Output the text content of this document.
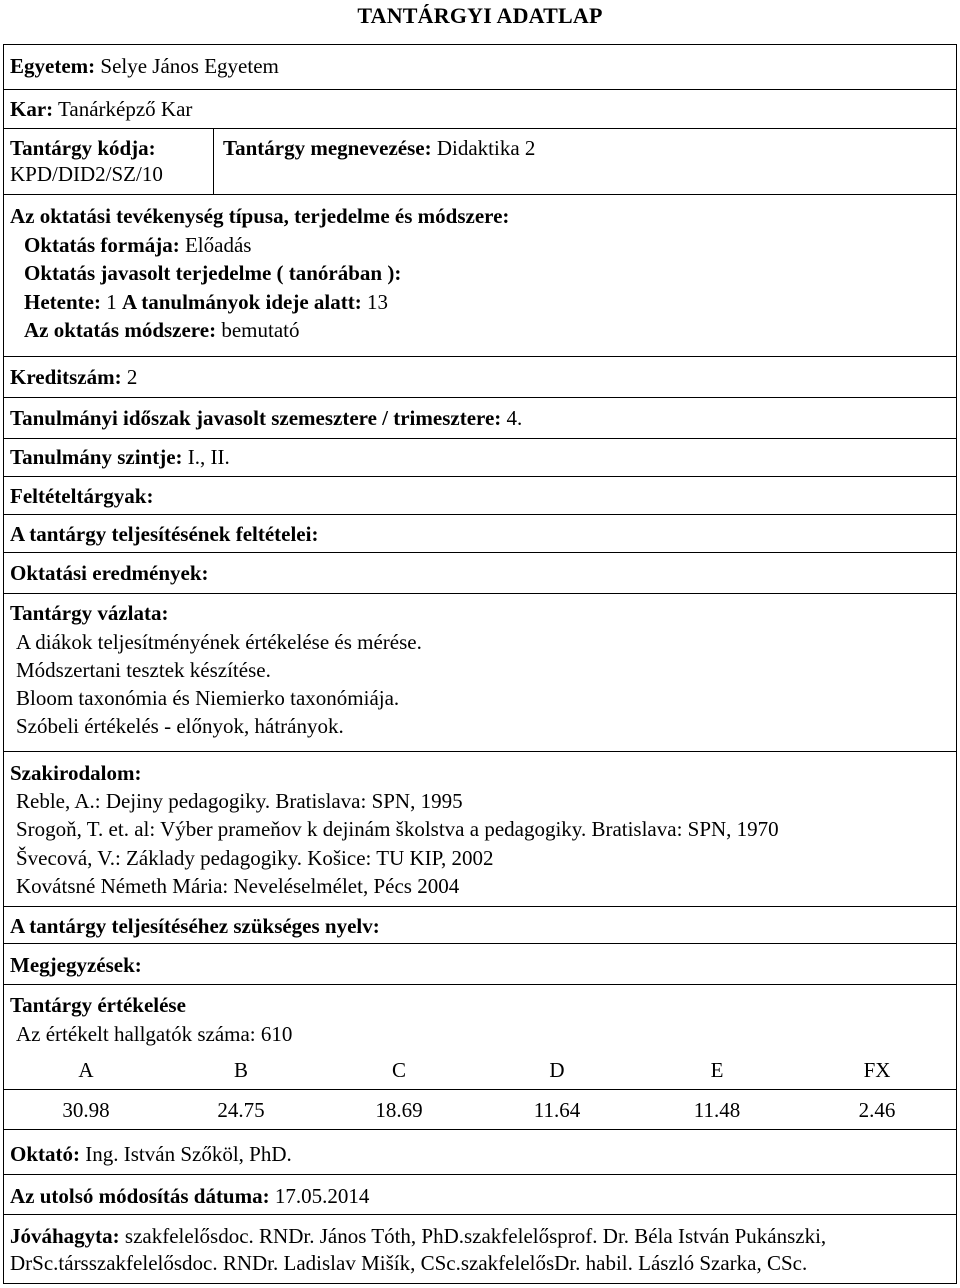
TANTÁRGYI ADATLAP
Egyetem: Selye János Egyetem
Kar: Tanárképző Kar
Tantárgy kódja:
KPD/DID2/SZ/10
Tantárgy megnevezése: Didaktika 2
Az oktatási tevékenység típusa, terjedelme és módszere:
Oktatás formája: Előadás
Oktatás javasolt terjedelme ( tanórában ):
Hetente: 1 A tanulmányok ideje alatt: 13
Az oktatás módszere: bemutató
Kreditszám: 2
Tanulmányi időszak javasolt szemesztere / trimesztere: 4.
Tanulmány szintje: I., II.
Feltételtárgyak:
A tantárgy teljesítésének feltételei:
Oktatási eredmények:
Tantárgy vázlata:
A diákok teljesítményének értékelése és mérése.
Módszertani tesztek készítése.
Bloom taxonómia és Niemierko taxonómiája.
Szóbeli értékelés - előnyok, hátrányok.
Szakirodalom:
Reble, A.: Dejiny pedagogiky. Bratislava: SPN, 1995
Srogoň, T. et. al: Výber prameňov k dejinám školstva a pedagogiky. Bratislava: SPN, 1970
Švecová, V.: Základy pedagogiky. Košice: TU KIP, 2002
Kovátsné Németh Mária: Neveléselmélet, Pécs 2004
A tantárgy teljesítéséhez szükséges nyelv:
Megjegyzések:
Tantárgy értékelése
Az értékelt hallgatók száma: 610
A	B	C	D	E	FX
30.98	24.75	18.69	11.64	11.48	2.46
Oktató: Ing. István Szőköl, PhD.
Az utolsó módosítás dátuma: 17.05.2014
Jóváhagyta: szakfelelősdoc. RNDr. János Tóth, PhD.szakfelelősprof. Dr. Béla István Pukánszki,
DrSc.társszakfelelősdoc. RNDr. Ladislav Mišík, CSc.szakfelelősDr. habil. László Szarka, CSc.
